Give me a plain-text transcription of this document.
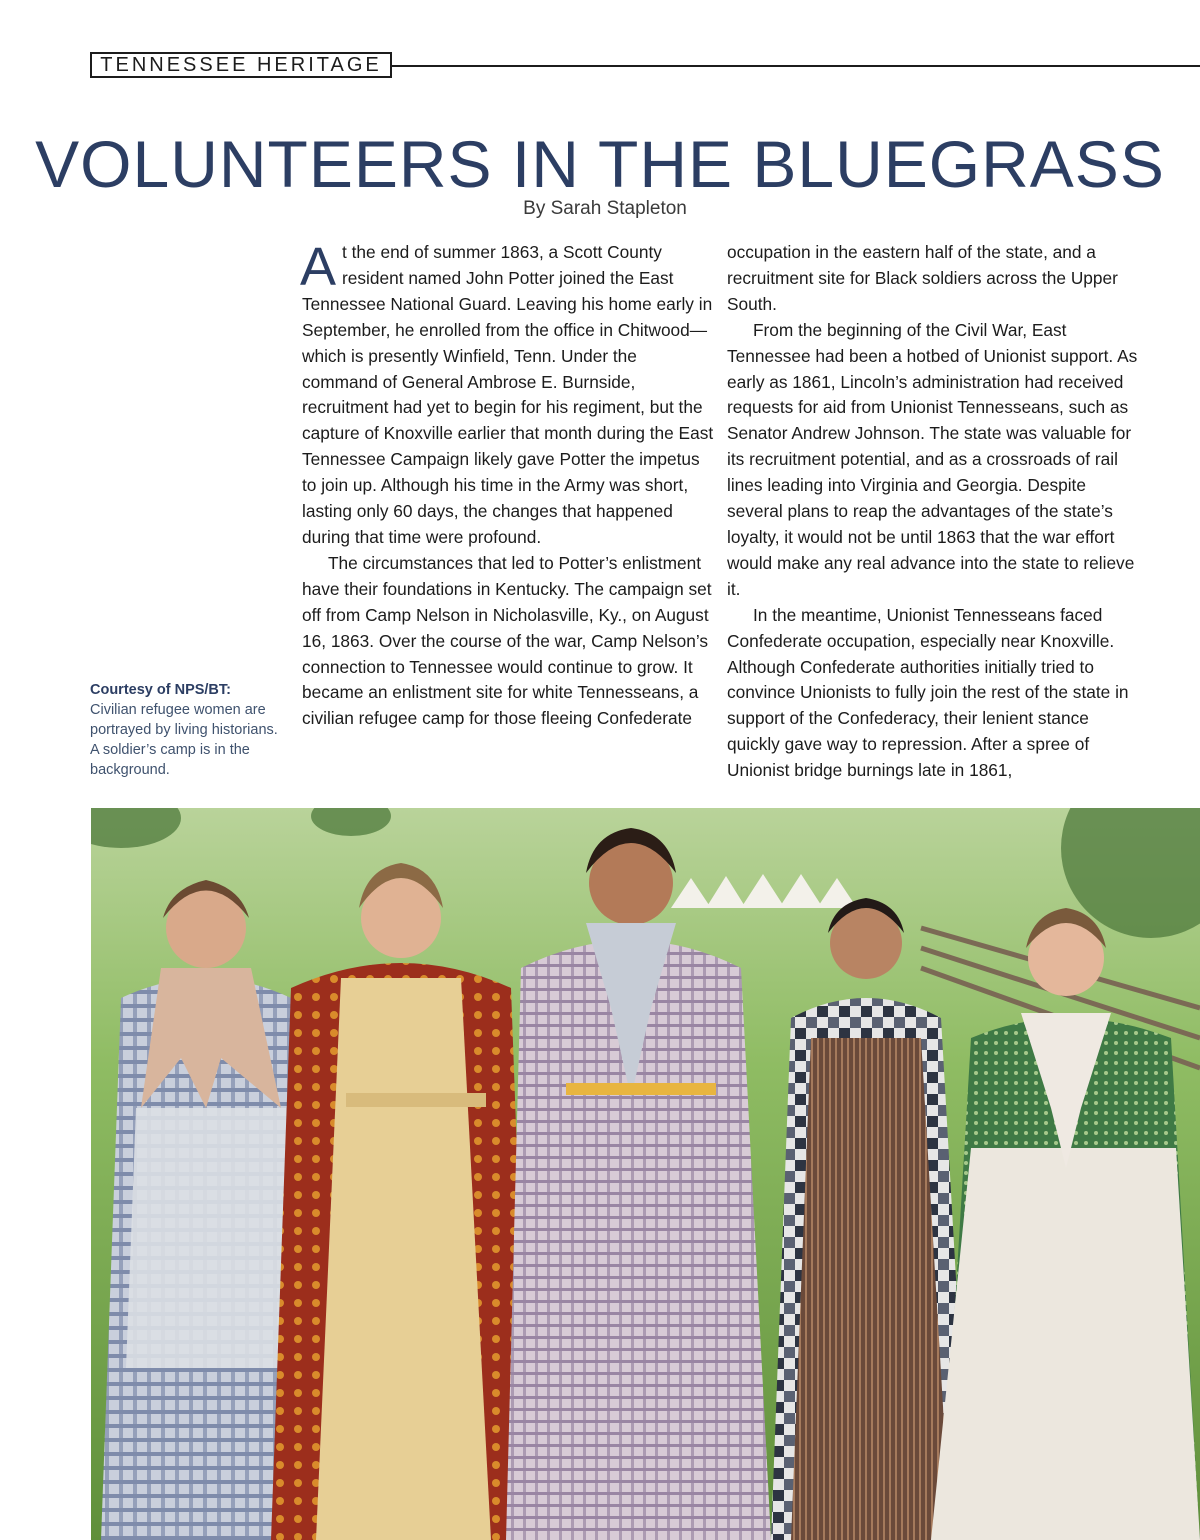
TENNESSEE HERITAGE
VOLUNTEERS IN THE BLUEGRASS
By Sarah Stapleton
Courtesy of NPS/BT:
Civilian refugee women are portrayed by living historians. A soldier’s camp is in the background.

At the end of summer 1863, a Scott County resident named John Potter joined the East Tennessee National Guard. Leaving his home early in September, he enrolled from the office in Chitwood—which is presently Winfield, Tenn. Under the command of General Ambrose E. Burnside, recruitment had yet to begin for his regiment, but the capture of Knoxville earlier that month during the East Tennessee Campaign likely gave Potter the impetus to join up. Although his time in the Army was short, lasting only 60 days, the changes that happened during that time were profound.

The circumstances that led to Potter’s enlistment have their foundations in Kentucky. The campaign set off from Camp Nelson in Nicholasville, Ky., on August 16, 1863. Over the course of the war, Camp Nelson’s connection to Tennessee would continue to grow. It became an enlistment site for white Tennesseans, a civilian refugee camp for those fleeing Confederate

occupation in the eastern half of the state, and a recruitment site for Black soldiers across the Upper South.

From the beginning of the Civil War, East Tennessee had been a hotbed of Unionist support. As early as 1861, Lincoln’s administration had received requests for aid from Unionist Tennesseans, such as Senator Andrew Johnson. The state was valuable for its recruitment potential, and as a crossroads of rail lines leading into Virginia and Georgia. Despite several plans to reap the advantages of the state’s loyalty, it would not be until 1863 that the war effort would make any real advance into the state to relieve it.

In the meantime, Unionist Tennesseans faced Confederate occupation, especially near Knoxville. Although Confederate authorities initially tried to convince Unionists to fully join the rest of the state in support of the Confederacy, their lenient stance quickly gave way to repression. After a spree of Unionist bridge burnings late in 1861,
